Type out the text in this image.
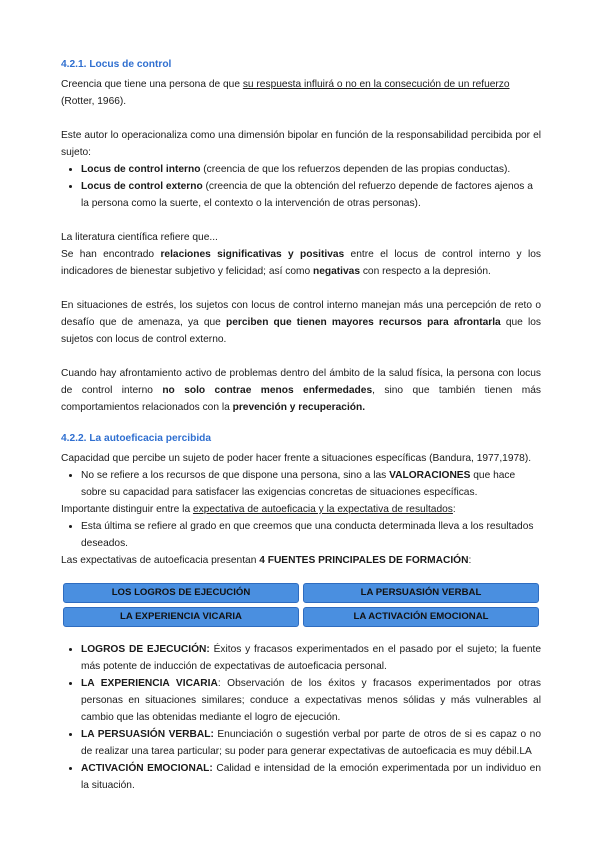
4.2.1. Locus de control

Creencia que tiene una persona de que su respuesta influirá o no en la consecución de un refuerzo (Rotter, 1966).

Este autor lo operacionaliza como una dimensión bipolar en función de la responsabilidad percibida por el sujeto:

• Locus de control interno (creencia de que los refuerzos dependen de las propias conductas).
• Locus de control externo (creencia de que la obtención del refuerzo depende de factores ajenos a la persona como la suerte, el contexto o la intervención de otras personas).

La literatura científica refiere que...

Se han encontrado relaciones significativas y positivas entre el locus de control interno y los indicadores de bienestar subjetivo y felicidad; así como negativas con respecto a la depresión.

En situaciones de estrés, los sujetos con locus de control interno manejan más una percepción de reto o desafío que de amenaza, ya que perciben que tienen mayores recursos para afrontarla que los sujetos con locus de control externo.

Cuando hay afrontamiento activo de problemas dentro del ámbito de la salud física, la persona con locus de control interno no solo contrae menos enfermedades, sino que también tienen más comportamientos relacionados con la prevención y recuperación.

4.2.2. La autoeficacia percibida

Capacidad que percibe un sujeto de poder hacer frente a situaciones específicas (Bandura, 1977,1978).

• No se refiere a los recursos de que dispone una persona, sino a las VALORACIONES que hace sobre su capacidad para satisfacer las exigencias concretas de situaciones específicas.

Importante distinguir entre la expectativa de autoeficacia y la expectativa de resultados:

• Esta última se refiere al grado en que creemos que una conducta determinada lleva a los resultados deseados.

Las expectativas de autoeficacia presentan 4 FUENTES PRINCIPALES DE FORMACIÓN:

LOS LOGROS DE EJECUCIÓN	LA PERSUASIÓN VERBAL
LA EXPERIENCIA VICARIA	LA ACTIVACIÓN EMOCIONAL
• LOGROS DE EJECUCIÓN: Éxitos y fracasos experimentados en el pasado por el sujeto; la fuente más potente de inducción de expectativas de autoeficacia personal.
• LA EXPERIENCIA VICARIA: Observación de los éxitos y fracasos experimentados por otras personas en situaciones similares; conduce a expectativas menos sólidas y más vulnerables al cambio que las obtenidas mediante el logro de ejecución.
• LA PERSUASIÓN VERBAL: Enunciación o sugestión verbal por parte de otros de si es capaz o no de realizar una tarea particular; su poder para generar expectativas de autoeficacia es muy débil.LA
• ACTIVACIÓN EMOCIONAL: Calidad e intensidad de la emoción experimentada por un individuo en la situación.
